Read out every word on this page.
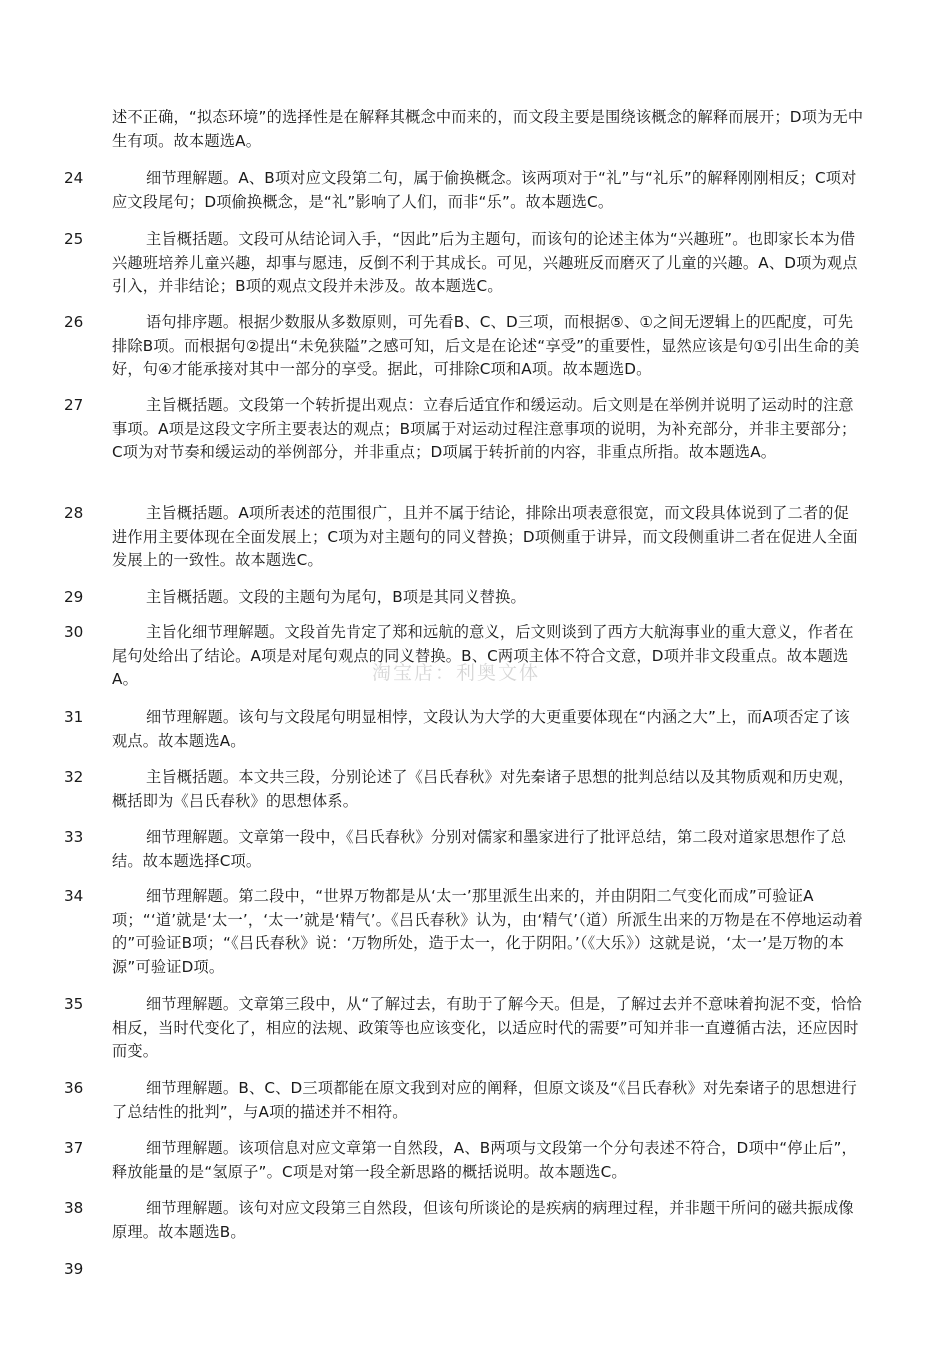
淘宝店：利奥文体

述不正确，“拟态环境”的选择性是在解释其概念中而来的，而文段主要是围绕该概念的解释而展开；D项为无中生有项。故本题选A。

24	细节理解题。A、B项对应文段第二句，属于偷换概念。该两项对于“礼”与“礼乐”的解释刚刚相反；C项对应文段尾句；D项偷换概念，是“礼”影响了人们，而非“乐”。故本题选C。

25	主旨概括题。文段可从结论词入手，“因此”后为主题句，而该句的论述主体为“兴趣班”。也即家长本为借兴趣班培养儿童兴趣，却事与愿违，反倒不利于其成长。可见，兴趣班反而磨灭了儿童的兴趣。A、D项为观点引入，并非结论；B项的观点文段并未涉及。故本题选C。

26	语句排序题。根据少数服从多数原则，可先看B、C、D三项，而根据⑤、①之间无逻辑上的匹配度，可先排除B项。而根据句②提出“未免狭隘”之感可知，后文是在论述“享受”的重要性，显然应该是句①引出生命的美好，句④才能承接对其中一部分的享受。据此，可排除C项和A项。故本题选D。

27	主旨概括题。文段第一个转折提出观点：立春后适宜作和缓运动。后文则是在举例并说明了运动时的注意事项。A项是这段文字所主要表达的观点；B项属于对运动过程注意事项的说明，为补充部分，并非主要部分；C项为对节奏和缓运动的举例部分，并非重点；D项属于转折前的内容，非重点所指。故本题选A。

28	主旨概括题。A项所表述的范围很广，且并不属于结论，排除出项表意很宽，而文段具体说到了二者的促进作用主要体现在全面发展上；C项为对主题句的同义替换；D项侧重于讲异，而文段侧重讲二者在促进人全面发展上的一致性。故本题选C。

29	主旨概括题。文段的主题句为尾句，B项是其同义替换。

30	主旨化细节理解题。文段首先肯定了郑和远航的意义，后文则谈到了西方大航海事业的重大意义，作者在尾句处给出了结论。A项是对尾句观点的同义替换。B、C两项主体不符合文意，D项并非文段重点。故本题选A。

31	细节理解题。该句与文段尾句明显相悖，文段认为大学的大更重要体现在“内涵之大”上，而A项否定了该观点。故本题选A。

32	主旨概括题。本文共三段，分别论述了《吕氏春秋》对先秦诸子思想的批判总结以及其物质观和历史观，概括即为《吕氏春秋》的思想体系。

33	细节理解题。文章第一段中，《吕氏春秋》分别对儒家和墨家进行了批评总结，第二段对道家思想作了总结。故本题选择C项。

34	细节理解题。第二段中，“世界万物都是从‘太一’那里派生出来的，并由阴阳二气变化而成”可验证A项；“‘道’就是‘太一’，‘太一’就是‘精气’。《吕氏春秋》认为，由‘精气’（道）所派生出来的万物是在不停地运动着的”可验证B项；“《吕氏春秋》说：‘万物所处，造于太一，化于阴阳。’（《大乐》）这就是说，‘太一’是万物的本源”可验证D项。

35	细节理解题。文章第三段中，从“了解过去，有助于了解今天。但是，了解过去并不意味着拘泥不变，恰恰相反，当时代变化了，相应的法规、政策等也应该变化，以适应时代的需要”可知并非一直遵循古法，还应因时而变。

36	细节理解题。B、C、D三项都能在原文我到对应的阐释，但原文谈及“《吕氏春秋》对先秦诸子的思想进行了总结性的批判”，与A项的描述并不相符。

37	细节理解题。该项信息对应文章第一自然段，A、B两项与文段第一个分句表述不符合，D项中“停止后”，释放能量的是“氢原子”。C项是对第一段全新思路的概括说明。故本题选C。

38	细节理解题。该句对应文段第三自然段，但该句所谈论的是疾病的病理过程，并非题干所问的磁共振成像原理。故本题选B。

39
